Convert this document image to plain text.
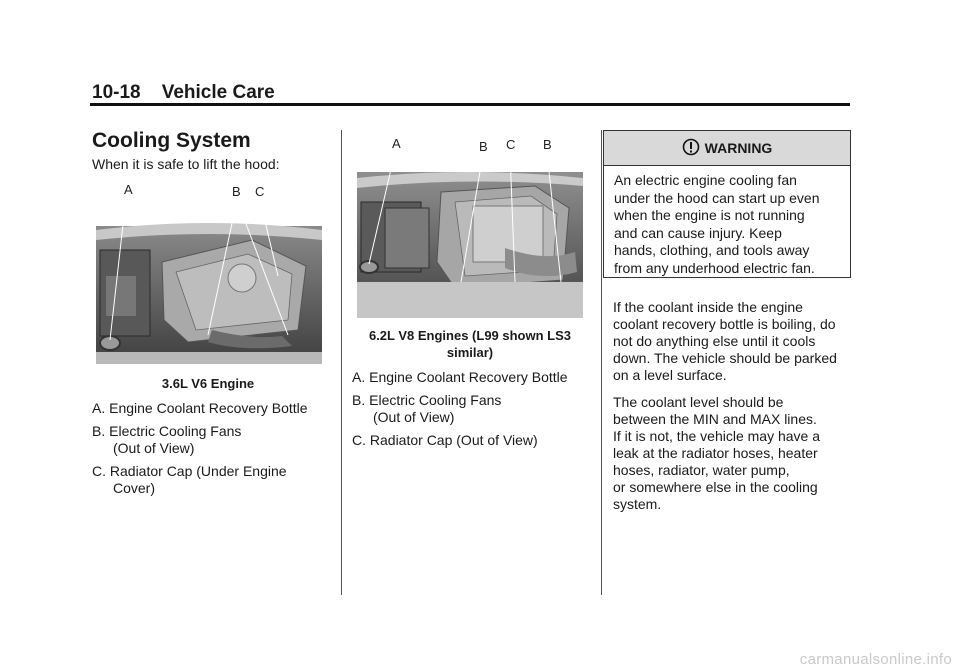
10-18 Vehicle Care
Cooling System
When it is safe to lift the hood:
A	B C
3.6L V6 Engine
A. Engine Coolant Recovery Bottle
B. Electric Cooling Fans
(Out of View)
C. Radiator Cap (Under Engine
Cover)
A	B C B
6.2L V8 Engines (L99 shown LS3
similar)
A. Engine Coolant Recovery Bottle
B. Electric Cooling Fans
(Out of View)
C. Radiator Cap (Out of View)
WARNING
An electric engine cooling fan
under the hood can start up even
when the engine is not running
and can cause injury. Keep
hands, clothing, and tools away
from any underhood electric fan.
If the coolant inside the engine
coolant recovery bottle is boiling, do
not do anything else until it cools
down. The vehicle should be parked
on a level surface.
The coolant level should be
between the MIN and MAX lines.
If it is not, the vehicle may have a
leak at the radiator hoses, heater
hoses, radiator, water pump,
or somewhere else in the cooling
system.
carmanualsonline.info
